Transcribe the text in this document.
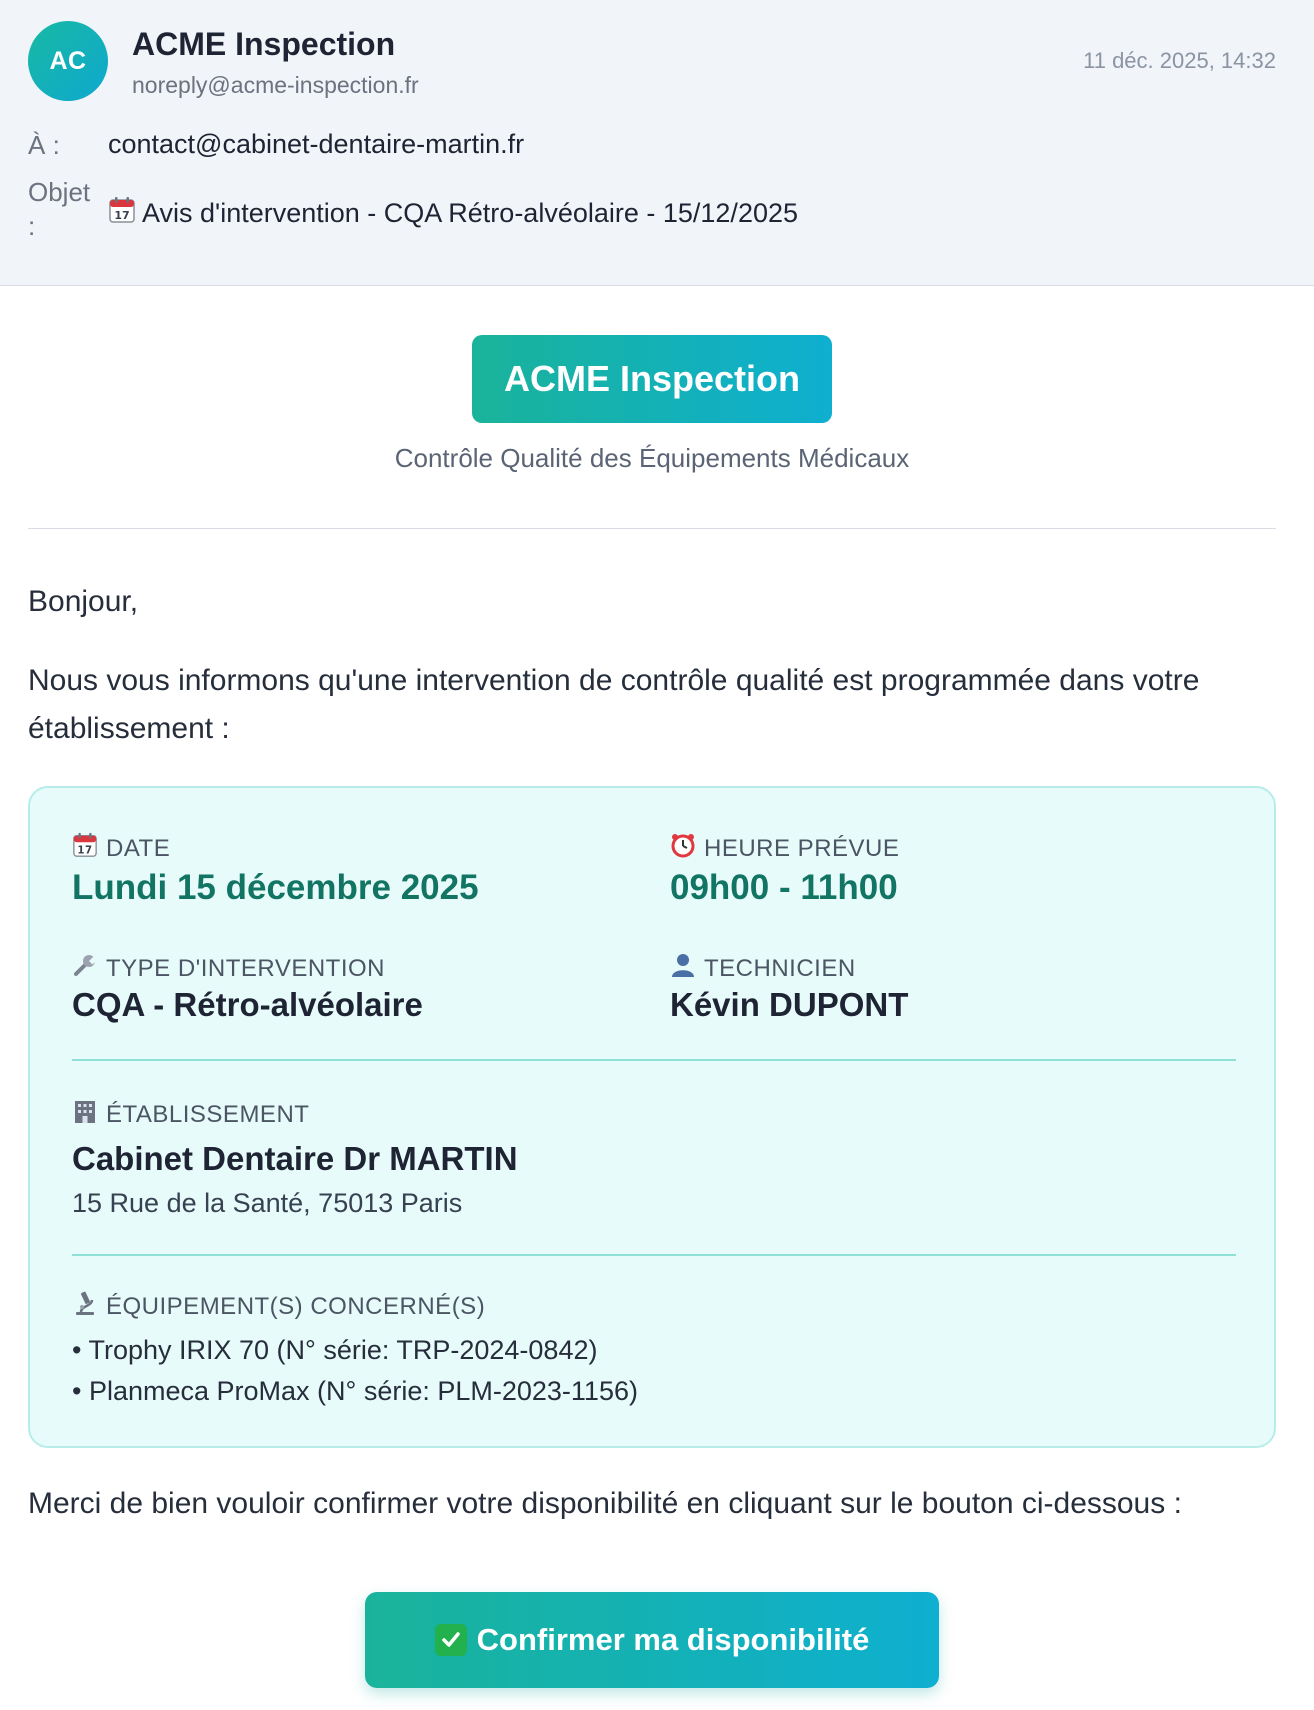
AC	ACME Inspection
noreply@acme-inspection.fr
11 déc. 2025, 14:32
À : contact@cabinet-dentaire-martin.fr
Objet :	17 Avis d'intervention - CQA Rétro-alvéolaire - 15/12/2025
ACME Inspection
Contrôle Qualité des Équipements Médicaux
Bonjour,
Nous vous informons qu'une intervention de contrôle qualité est programmée dans votre établissement :
17 DATE
Lundi 15 décembre 2025
HEURE PRÉVUE
09h00 - 11h00
TYPE D'INTERVENTION
CQA - Rétro-alvéolaire
TECHNICIEN
Kévin DUPONT
ÉTABLISSEMENT
Cabinet Dentaire Dr MARTIN
15 Rue de la Santé, 75013 Paris
ÉQUIPEMENT(S) CONCERNÉ(S)
• Trophy IRIX 70 (N° série: TRP-2024-0842)
• Planmeca ProMax (N° série: PLM-2023-1156)
Merci de bien vouloir confirmer votre disponibilité en cliquant sur le bouton ci-dessous :
Confirmer ma disponibilité
